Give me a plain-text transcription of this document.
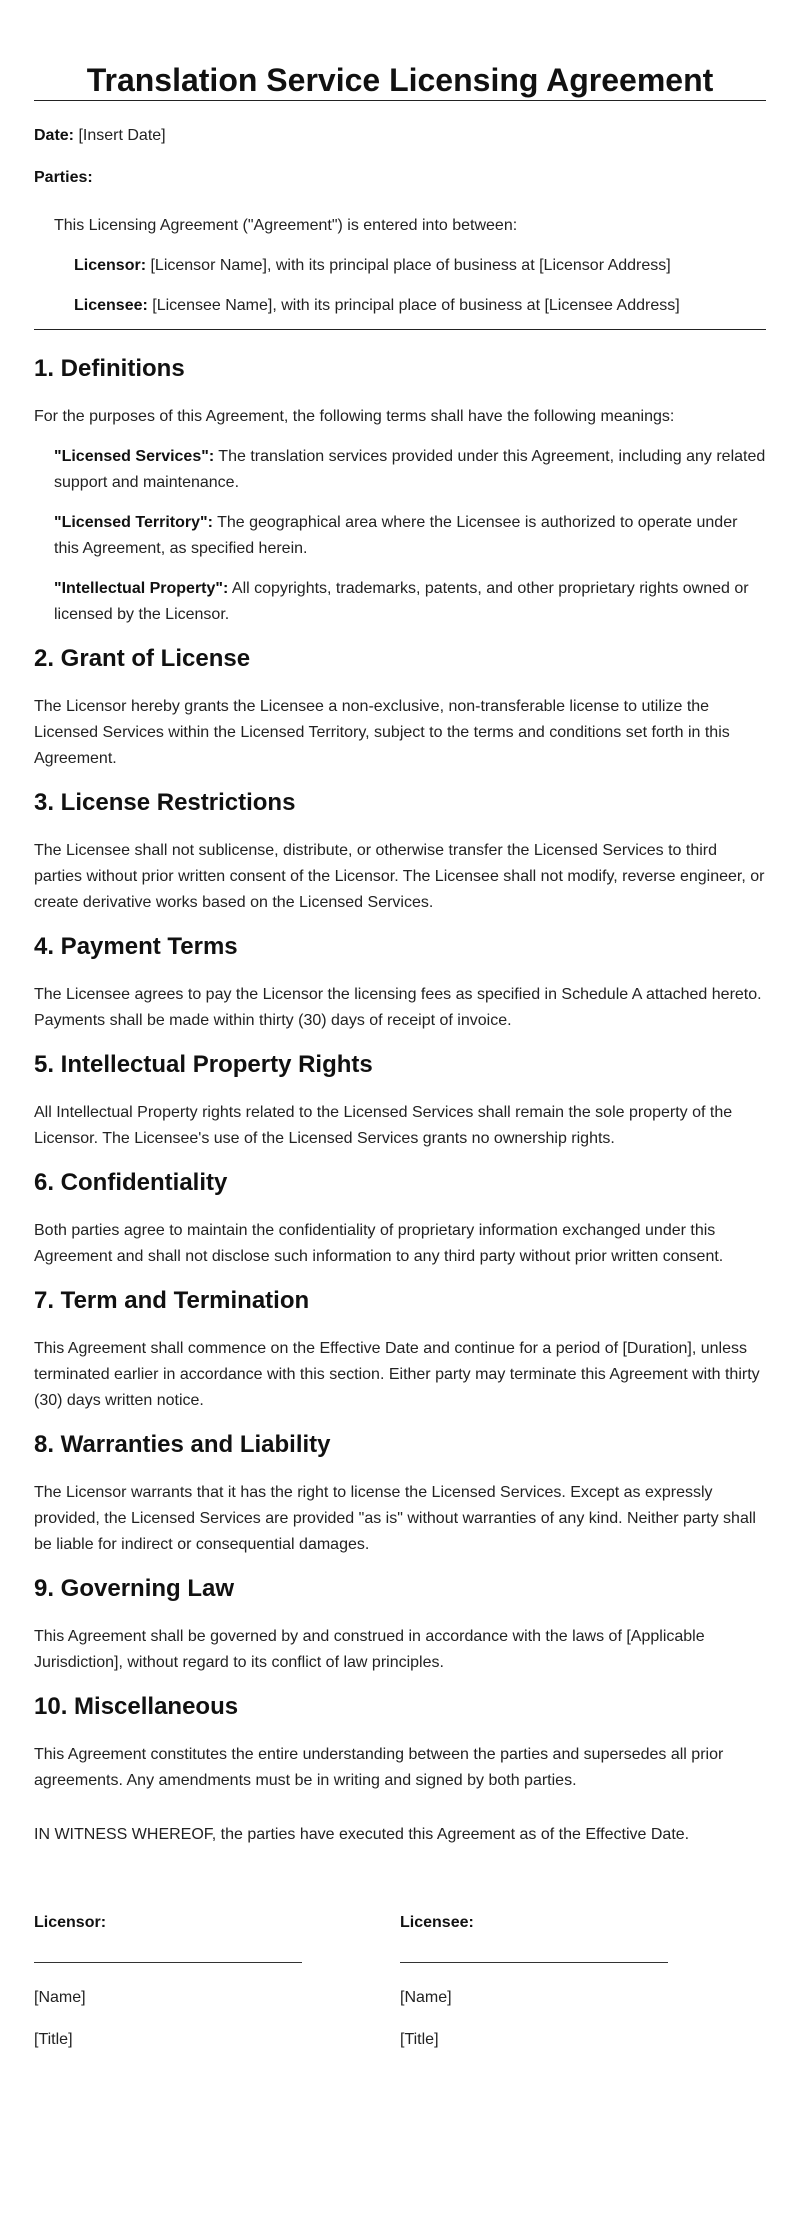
Translation Service Licensing Agreement

Date: [Insert Date]

Parties:

This Licensing Agreement ("Agreement") is entered into between:

Licensor: [Licensor Name], with its principal place of business at [Licensor Address]

Licensee: [Licensee Name], with its principal place of business at [Licensee Address]

1. Definitions

For the purposes of this Agreement, the following terms shall have the following meanings:

"Licensed Services": The translation services provided under this Agreement, including any related support and maintenance.

"Licensed Territory": The geographical area where the Licensee is authorized to operate under this Agreement, as specified herein.

"Intellectual Property": All copyrights, trademarks, patents, and other proprietary rights owned or licensed by the Licensor.

2. Grant of License

The Licensor hereby grants the Licensee a non-exclusive, non-transferable license to utilize the Licensed Services within the Licensed Territory, subject to the terms and conditions set forth in this Agreement.

3. License Restrictions

The Licensee shall not sublicense, distribute, or otherwise transfer the Licensed Services to third parties without prior written consent of the Licensor. The Licensee shall not modify, reverse engineer, or create derivative works based on the Licensed Services.

4. Payment Terms

The Licensee agrees to pay the Licensor the licensing fees as specified in Schedule A attached hereto. Payments shall be made within thirty (30) days of receipt of invoice.

5. Intellectual Property Rights

All Intellectual Property rights related to the Licensed Services shall remain the sole property of the Licensor. The Licensee's use of the Licensed Services grants no ownership rights.

6. Confidentiality

Both parties agree to maintain the confidentiality of proprietary information exchanged under this Agreement and shall not disclose such information to any third party without prior written consent.

7. Term and Termination

This Agreement shall commence on the Effective Date and continue for a period of [Duration], unless terminated earlier in accordance with this section. Either party may terminate this Agreement with thirty (30) days written notice.

8. Warranties and Liability

The Licensor warrants that it has the right to license the Licensed Services. Except as expressly provided, the Licensed Services are provided "as is" without warranties of any kind. Neither party shall be liable for indirect or consequential damages.

9. Governing Law

This Agreement shall be governed by and construed in accordance with the laws of [Applicable Jurisdiction], without regard to its conflict of law principles.

10. Miscellaneous

This Agreement constitutes the entire understanding between the parties and supersedes all prior agreements. Any amendments must be in writing and signed by both parties.

IN WITNESS WHEREOF, the parties have executed this Agreement as of the Effective Date.

Licensor:

[Name]

[Title]

Licensee:

[Name]

[Title]
